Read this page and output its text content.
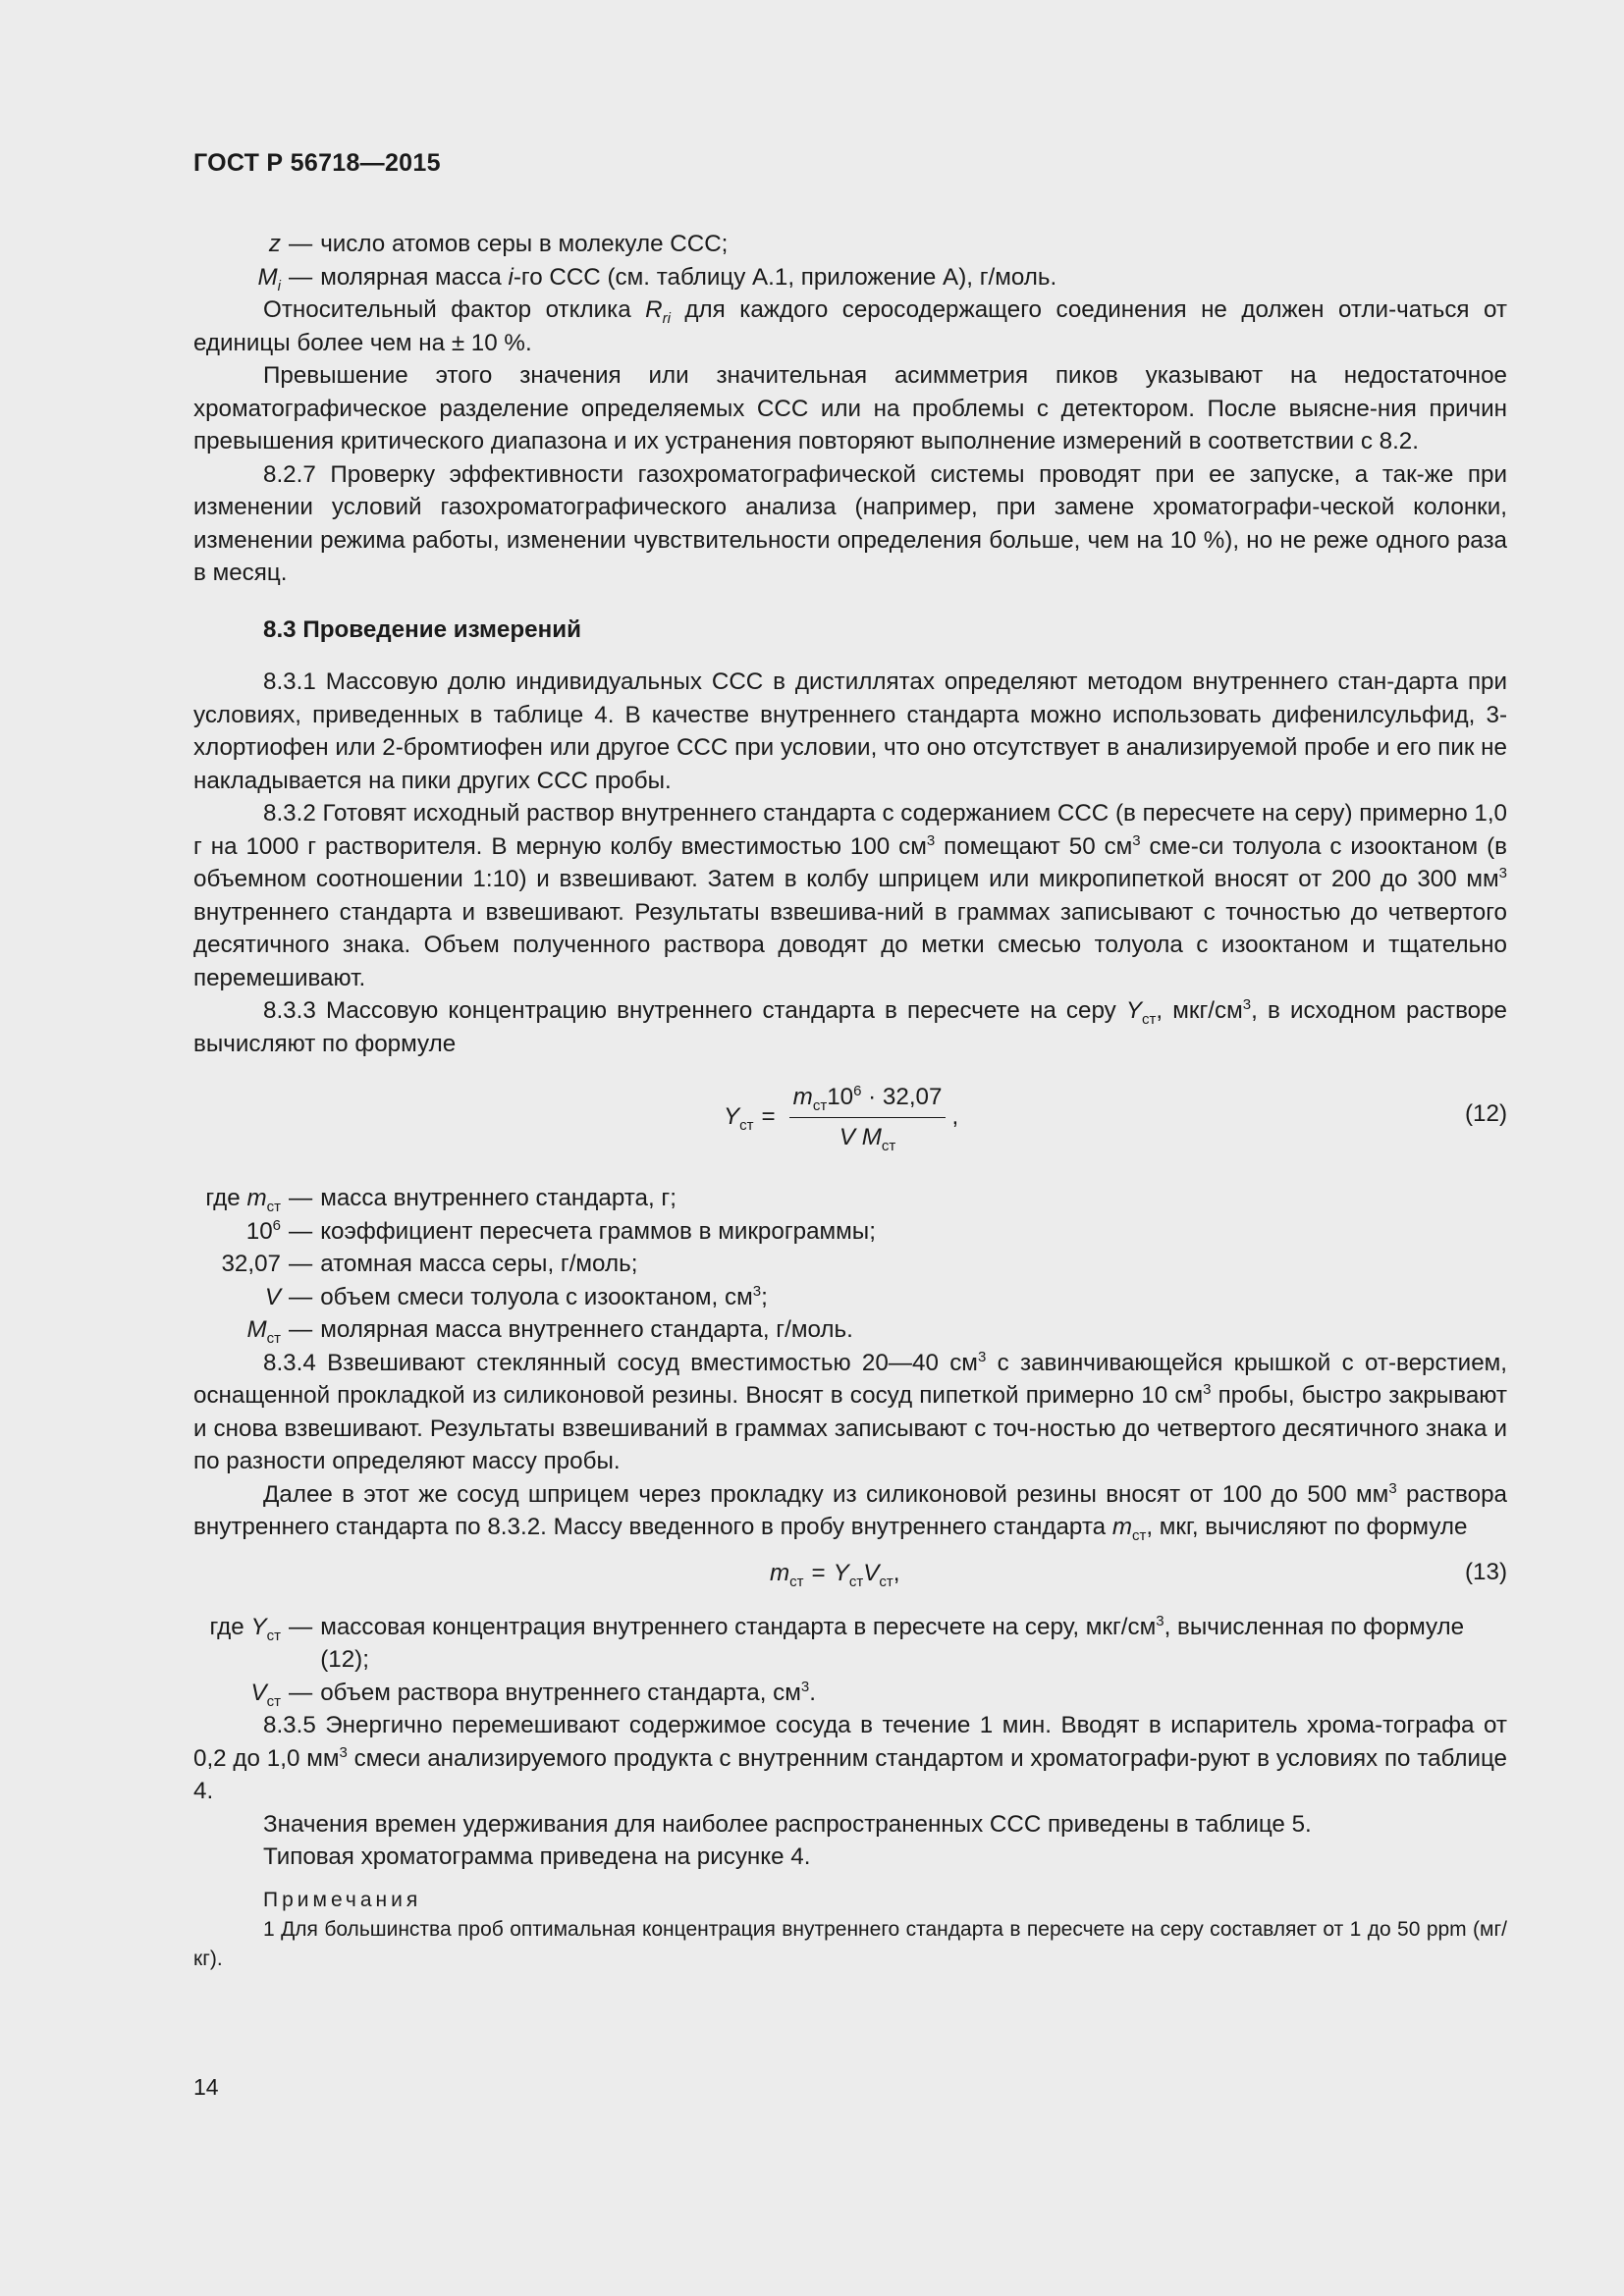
ГОСТ Р 56718—2015
z — число атомов серы в молекуле ССС;
$M_i$ — молярная масса i-го ССС (см. таблицу А.1, приложение А), г/моль.

Относительный фактор отклика $R_{ri}$ для каждого серосодержащего соединения не должен отли-чаться от единицы более чем на ± 10 %.

Превышение этого значения или значительная асимметрия пиков указывают на недостаточное хроматографическое разделение определяемых ССС или на проблемы с детектором. После выясне-ния причин превышения критического диапазона и их устранения повторяют выполнение измерений в соответствии с 8.2.

8.2.7 Проверку эффективности газохроматографической системы проводят при ее запуске, а так-же при изменении условий газохроматографического анализа (например, при замене хроматографи-ческой колонки, изменении режима работы, изменении чувствительности определения больше, чем на 10 %), но не реже одного раза в месяц.

8.3 Проведение измерений

8.3.1 Массовую долю индивидуальных ССС в дистиллятах определяют методом внутреннего стан-дарта при условиях, приведенных в таблице 4. В качестве внутреннего стандарта можно использовать дифенилсульфид, 3-хлортиофен или 2-бромтиофен или другое ССС при условии, что оно отсутствует в анализируемой пробе и его пик не накладывается на пики других ССС пробы.

8.3.2 Готовят исходный раствор внутреннего стандарта с содержанием ССС (в пересчете на серу) примерно 1,0 г на 1000 г растворителя. В мерную колбу вместимостью 100 $см^3$ помещают 50 $см^3$ сме-си толуола с изооктаном (в объемном соотношении 1:10) и взвешивают. Затем в колбу шприцем или микропипеткой вносят от 200 до 300 $мм^3$ внутреннего стандарта и взвешивают. Результаты взвешива-ний в граммах записывают с точностью до четвертого десятичного знака. Объем полученного раствора доводят до метки смесью толуола с изооктаном и тщательно перемешивают.

8.3.3 Массовую концентрацию внутреннего стандарта в пересчете на серу $Y_{ст}$, мкг/$см^3$, в исходном растворе вычисляют по формуле

$Y_{ст} = \frac{m_{ст}10^6 \cdot 32,07}{V M_{ст}}$ ,	(12)
где $m_{ст}$ — масса внутреннего стандарта, г;
$10^6$ — коэффициент пересчета граммов в микрограммы;
32,07 — атомная масса серы, г/моль;
V — объем смеси толуола с изооктаном, $см^3$;
$M_{ст}$ — молярная масса внутреннего стандарта, г/моль.

8.3.4 Взвешивают стеклянный сосуд вместимостью 20—40 $см^3$ с завинчивающейся крышкой с от-верстием, оснащенной прокладкой из силиконовой резины. Вносят в сосуд пипеткой примерно 10 $см^3$ пробы, быстро закрывают и снова взвешивают. Результаты взвешиваний в граммах записывают с точ-ностью до четвертого десятичного знака и по разности определяют массу пробы.

Далее в этот же сосуд шприцем через прокладку из силиконовой резины вносят от 100 до 500 $мм^3$ раствора внутреннего стандарта по 8.3.2. Массу введенного в пробу внутреннего стандарта $m_{ст}$, мкг, вычисляют по формуле

$m_{ст} = Y_{ст}V_{ст}$ ,	(13)
где $Y_{ст}$ — массовая концентрация внутреннего стандарта в пересчете на серу, мкг/$см^3$, вычисленная по формуле (12);
$V_{ст}$ — объем раствора внутреннего стандарта, $см^3$.

8.3.5 Энергично перемешивают содержимое сосуда в течение 1 мин. Вводят в испаритель хрома-тографа от 0,2 до 1,0 $мм^3$ смеси анализируемого продукта с внутренним стандартом и хроматографи-руют в условиях по таблице 4.

Значения времен удерживания для наиболее распространенных ССС приведены в таблице 5.

Типовая хроматограмма приведена на рисунке 4.

Примечания

1 Для большинства проб оптимальная концентрация внутреннего стандарта в пересчете на серу составляет от 1 до 50 ppm (мг/кг).

14
